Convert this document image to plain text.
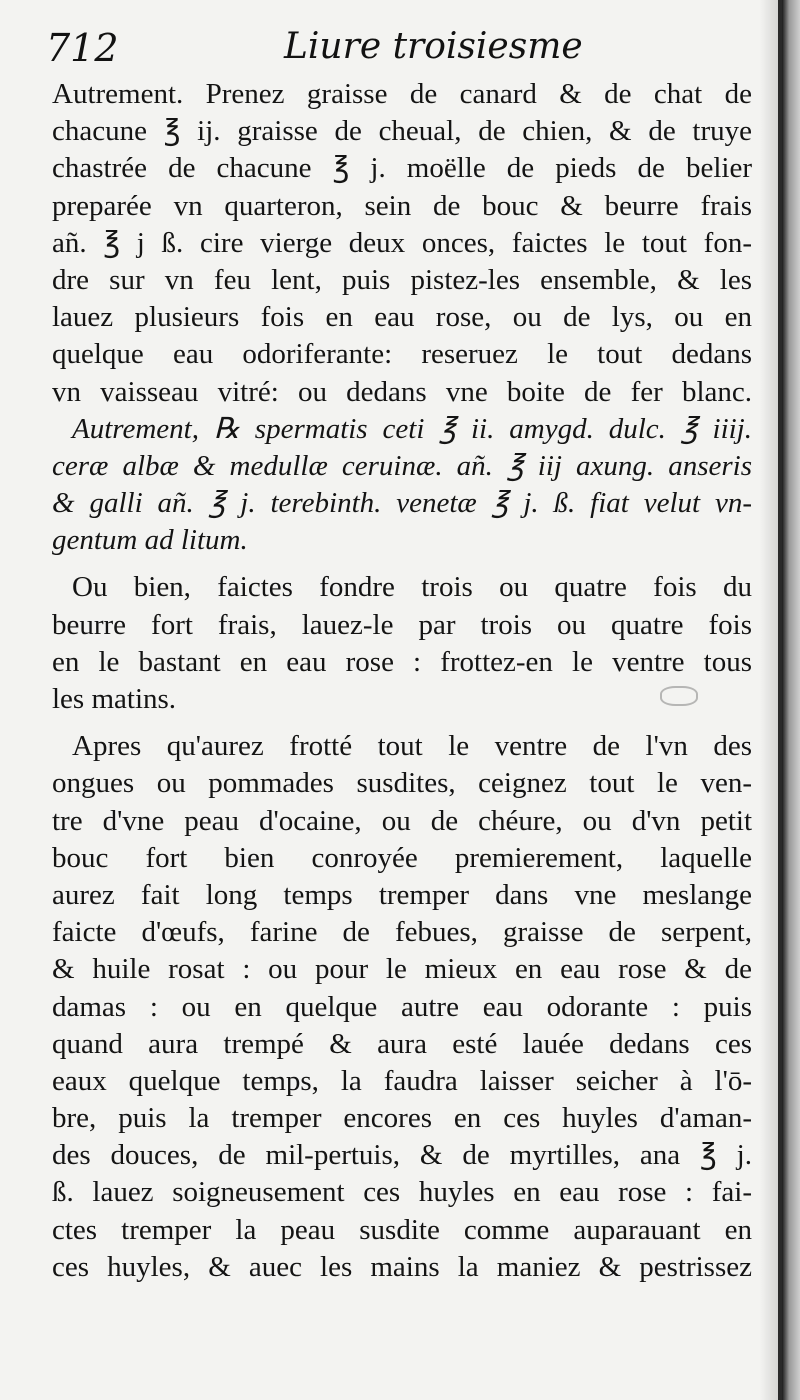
712	Liure troisiesme
Autrement. Prenez graisse de canard & de chat de
chacune ℥ ij. graisse de cheual, de chien, & de truye
chastrée de chacune ℥ j. moëlle de pieds de belier
preparée vn quarteron, sein de bouc & beurre frais
añ. ℥ j ß. cire vierge deux onces, faictes le tout fon-
dre sur vn feu lent, puis pistez-les ensemble, & les
lauez plusieurs fois en eau rose, ou de lys, ou en
quelque eau odoriferante: reseruez le tout dedans
vn vaisseau vitré: ou dedans vne boite de fer blanc.
Autrement, ℞ spermatis ceti ℥ ii. amygd. dulc. ℥ iiij.
ceræ albæ & medullæ ceruinæ. añ. ℥ iij axung. anseris
& galli añ. ℥ j. terebinth. venetæ ℥ j. ß. fiat velut vn-
gentum ad litum.
Ou bien, faictes fondre trois ou quatre fois du
beurre fort frais, lauez-le par trois ou quatre fois
en le bastant en eau rose : frottez-en le ventre tous
les matins.
Apres qu'aurez frotté tout le ventre de l'vn des
ongues ou pommades susdites, ceignez tout le ven-
tre d'vne peau d'ocaine, ou de chéure, ou d'vn petit
bouc fort bien conroyée premierement, laquelle
aurez fait long temps tremper dans vne meslange
faicte d'œufs, farine de febues, graisse de serpent,
& huile rosat : ou pour le mieux en eau rose & de
damas : ou en quelque autre eau odorante : puis
quand aura trempé & aura esté lauée dedans ces
eaux quelque temps, la faudra laisser seicher à l'ō-
bre, puis la tremper encores en ces huyles d'aman-
des douces, de mil-pertuis, & de myrtilles, ana ℥ j.
ß. lauez soigneusement ces huyles en eau rose : fai-
ctes tremper la peau susdite comme auparauant en
ces huyles, & auec les mains la maniez & pestrissez
